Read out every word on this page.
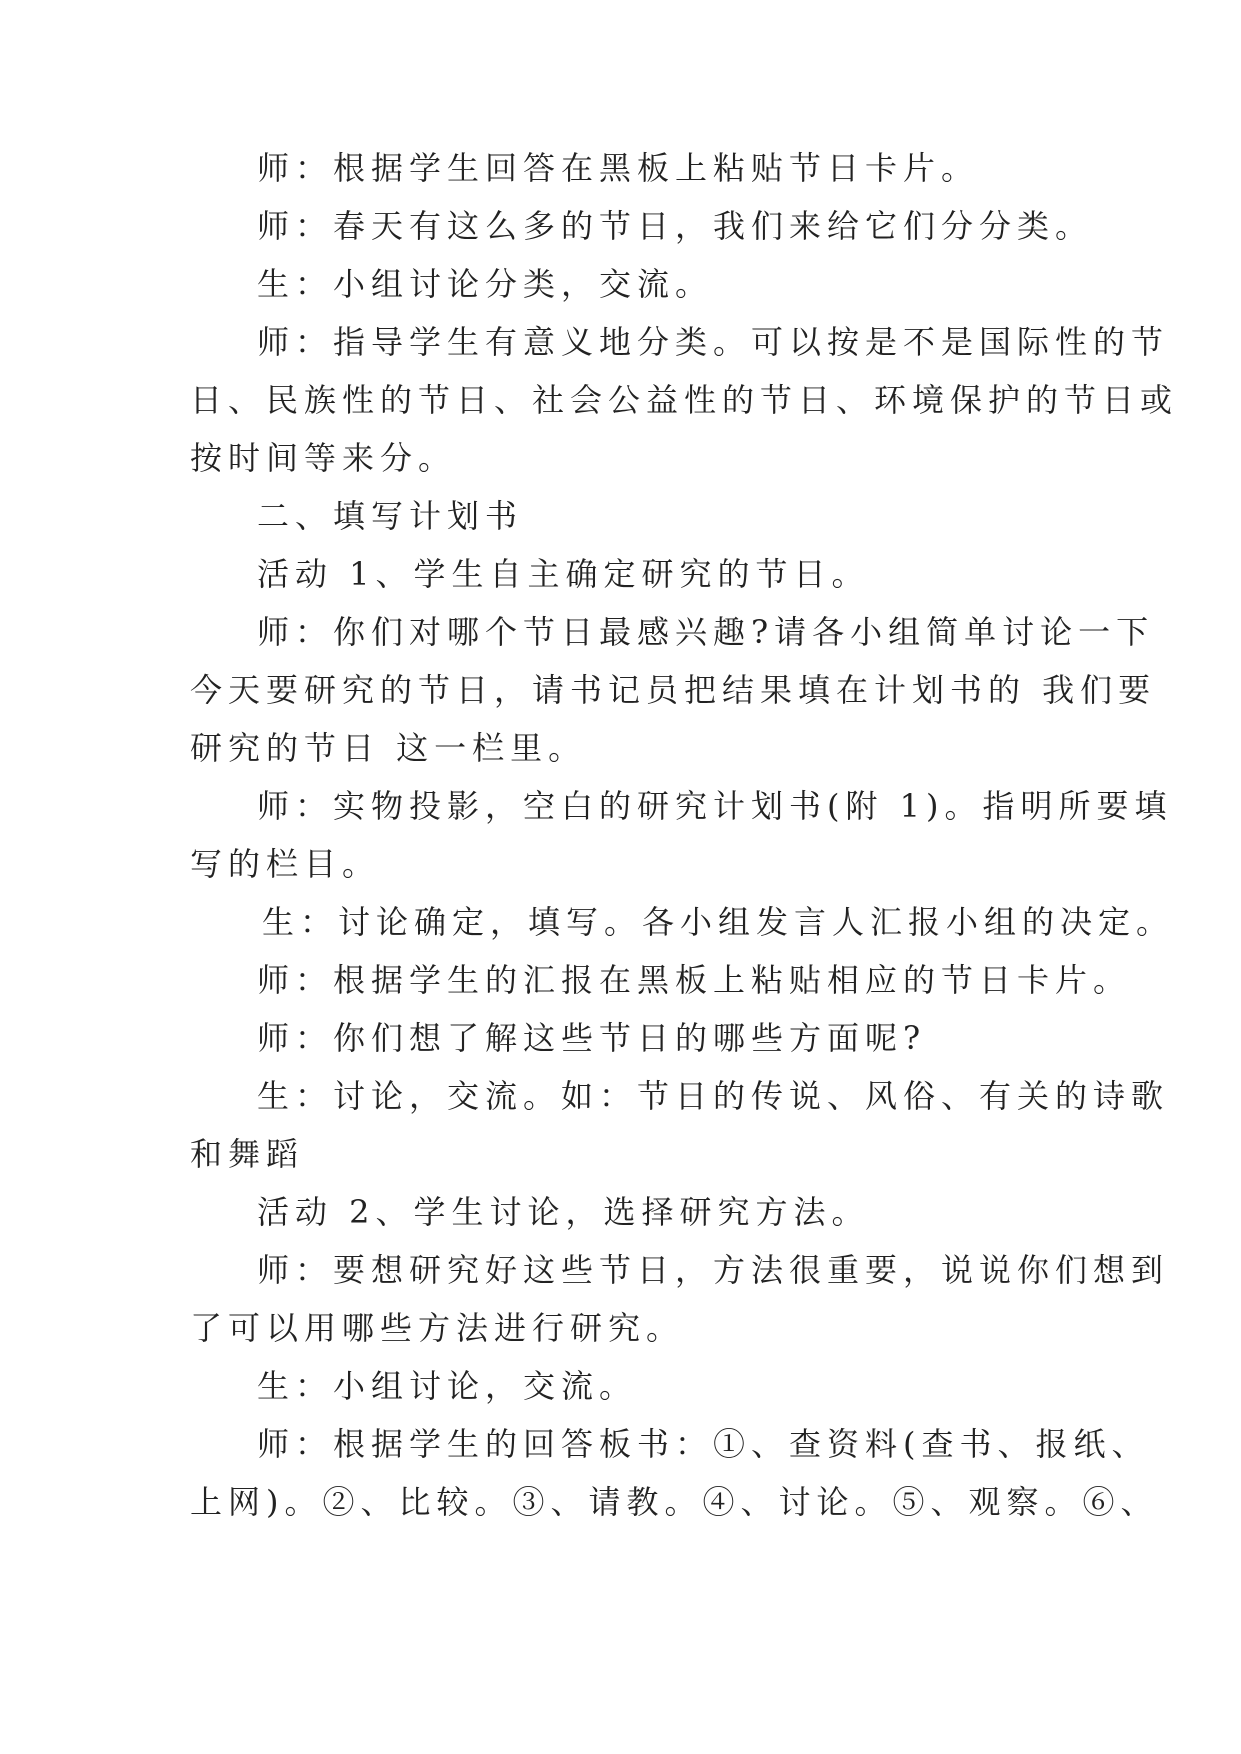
师：根据学生回答在黑板上粘贴节日卡片。
师：春天有这么多的节日，我们来给它们分分类。
生：小组讨论分类，交流。
师：指导学生有意义地分类。可以按是不是国际性的节
日、民族性的节日、社会公益性的节日、环境保护的节日或
按时间等来分。
二、填写计划书
活动 1、学生自主确定研究的节日。
师：你们对哪个节日最感兴趣?请各小组简单讨论一下
今天要研究的节日，请书记员把结果填在计划书的 我们要
研究的节日 这一栏里。
师：实物投影，空白的研究计划书(附 1)。指明所要填
写的栏目。
生：讨论确定，填写。各小组发言人汇报小组的决定。
师：根据学生的汇报在黑板上粘贴相应的节日卡片。
师：你们想了解这些节日的哪些方面呢?
生：讨论，交流。如：节日的传说、风俗、有关的诗歌
和舞蹈
活动 2、学生讨论，选择研究方法。
师：要想研究好这些节日，方法很重要，说说你们想到
了可以用哪些方法进行研究。
生：小组讨论，交流。
师：根据学生的回答板书：①、查资料(查书、报纸、
上网)。②、比较。③、请教。④、讨论。⑤、观察。⑥、
